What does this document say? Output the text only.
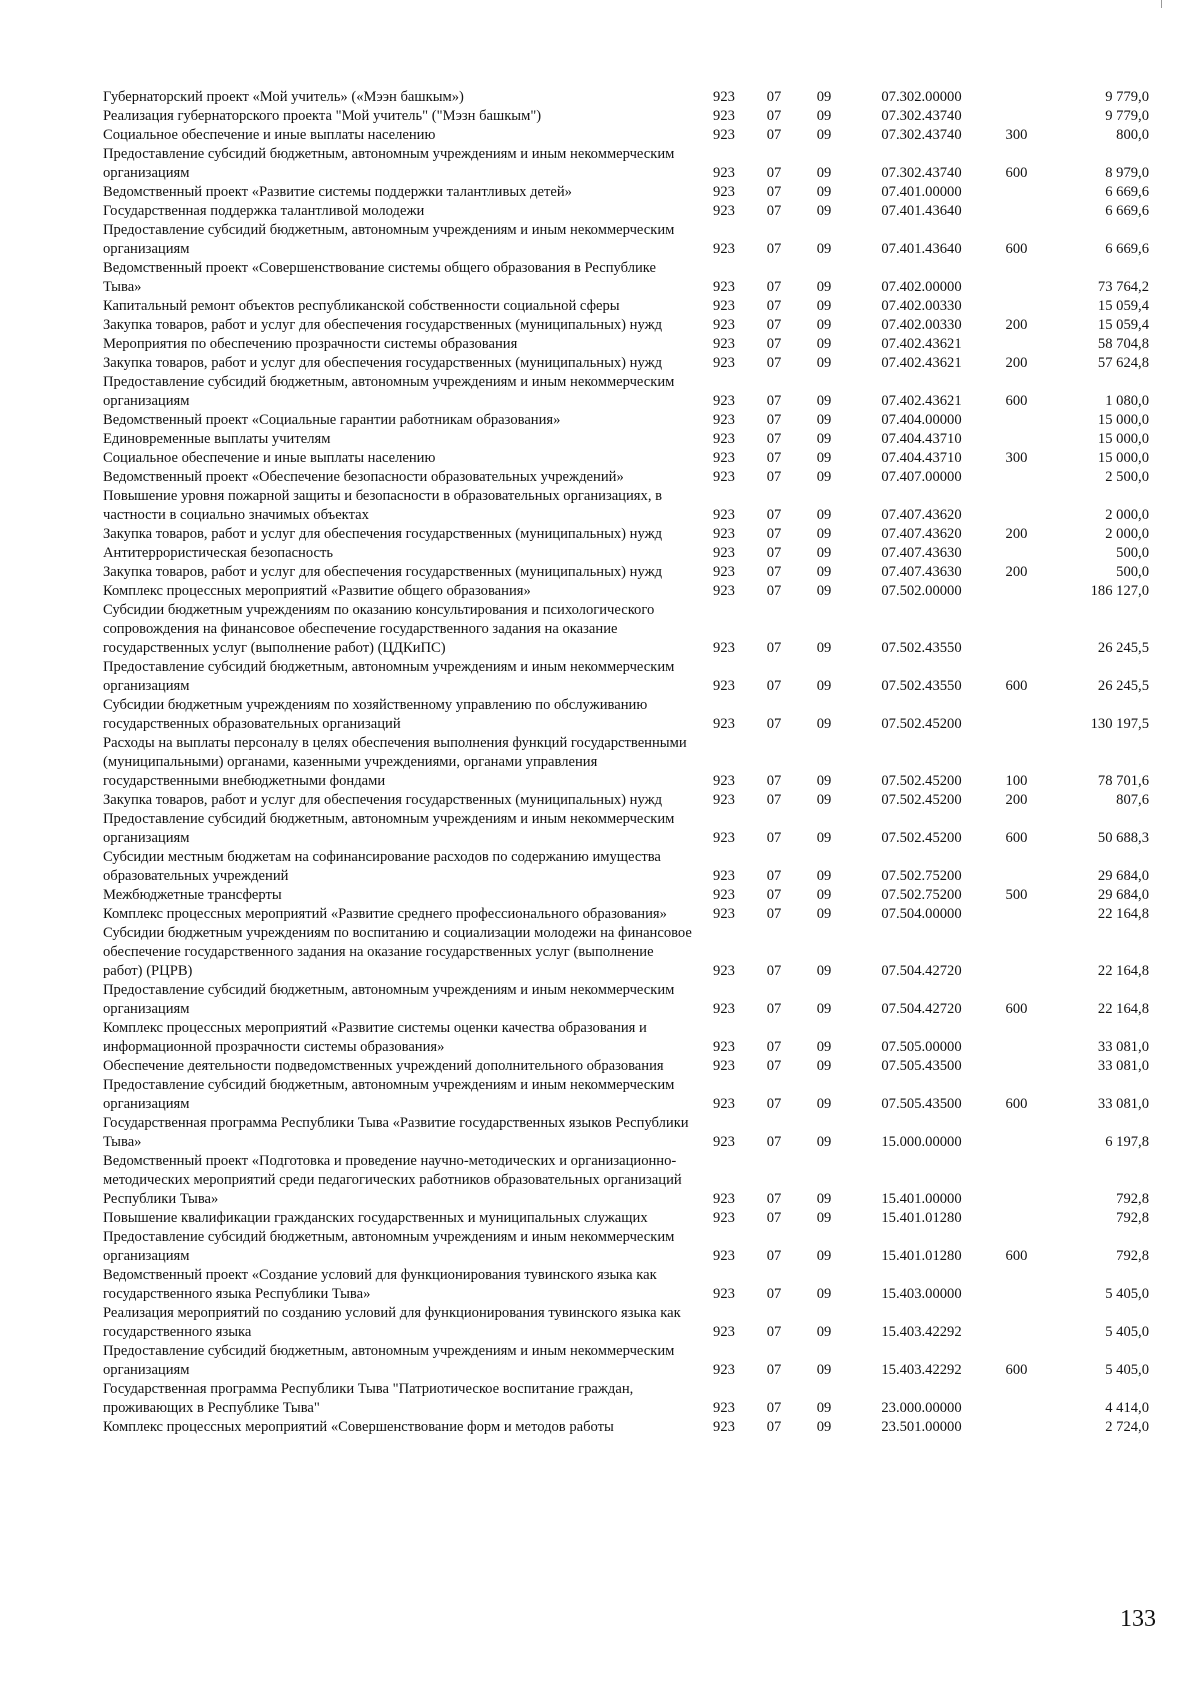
Губернаторский проект «Мой учитель» («Мээн башкым»)	923	07	09	07.302.00000		9 779,0
Реализация губернаторского проекта "Мой учитель" ("Мэзн башкым")	923	07	09	07.302.43740		9 779,0
Социальное обеспечение и иные выплаты населению	923	07	09	07.302.43740	300	800,0
Предоставление субсидий бюджетным, автономным учреждениям и иным некоммерческим организациям	923	07	09	07.302.43740	600	8 979,0
Ведомственный проект «Развитие системы поддержки талантливых детей»	923	07	09	07.401.00000		6 669,6
Государственная поддержка талантливой молодежи	923	07	09	07.401.43640		6 669,6
Предоставление субсидий бюджетным, автономным учреждениям и иным некоммерческим организациям	923	07	09	07.401.43640	600	6 669,6
Ведомственный проект «Совершенствование системы общего образования в Республике Тыва»	923	07	09	07.402.00000		73 764,2
Капитальный ремонт объектов республиканской собственности социальной сферы	923	07	09	07.402.00330		15 059,4
Закупка товаров, работ и услуг для обеспечения государственных (муниципальных) нужд	923	07	09	07.402.00330	200	15 059,4
Мероприятия по обеспечению прозрачности системы образования	923	07	09	07.402.43621		58 704,8
Закупка товаров, работ и услуг для обеспечения государственных (муниципальных) нужд	923	07	09	07.402.43621	200	57 624,8
Предоставление субсидий бюджетным, автономным учреждениям и иным некоммерческим организациям	923	07	09	07.402.43621	600	1 080,0
Ведомственный проект «Социальные гарантии работникам образования»	923	07	09	07.404.00000		15 000,0
Единовременные выплаты учителям	923	07	09	07.404.43710		15 000,0
Социальное обеспечение и иные выплаты населению	923	07	09	07.404.43710	300	15 000,0
Ведомственный проект «Обеспечение безопасности образовательных учреждений»	923	07	09	07.407.00000		2 500,0
Повышение уровня пожарной защиты и безопасности в образовательных организациях, в частности в социально значимых объектах	923	07	09	07.407.43620		2 000,0
Закупка товаров, работ и услуг для обеспечения государственных (муниципальных) нужд	923	07	09	07.407.43620	200	2 000,0
Антитеррористическая безопасность	923	07	09	07.407.43630		500,0
Закупка товаров, работ и услуг для обеспечения государственных (муниципальных) нужд	923	07	09	07.407.43630	200	500,0
Комплекс процессных мероприятий «Развитие общего образования»	923	07	09	07.502.00000		186 127,0
Субсидии бюджетным учреждениям по оказанию консультирования и психологического сопровождения на финансовое обеспечение государственного задания на оказание государственных услуг (выполнение работ) (ЦДКиПС)	923	07	09	07.502.43550		26 245,5
Предоставление субсидий бюджетным, автономным учреждениям и иным некоммерческим организациям	923	07	09	07.502.43550	600	26 245,5
Субсидии бюджетным учреждениям по хозяйственному управлению по обслуживанию государственных образовательных организаций	923	07	09	07.502.45200		130 197,5
Расходы на выплаты персоналу в целях обеспечения выполнения функций государственными (муниципальными) органами, казенными учреждениями, органами управления государственными внебюджетными фондами	923	07	09	07.502.45200	100	78 701,6
Закупка товаров, работ и услуг для обеспечения государственных (муниципальных) нужд	923	07	09	07.502.45200	200	807,6
Предоставление субсидий бюджетным, автономным учреждениям и иным некоммерческим организациям	923	07	09	07.502.45200	600	50 688,3
Субсидии местным бюджетам на софинансирование расходов по содержанию имущества образовательных учреждений	923	07	09	07.502.75200		29 684,0
Межбюджетные трансферты	923	07	09	07.502.75200	500	29 684,0
Комплекс процессных мероприятий «Развитие среднего профессионального образования»	923	07	09	07.504.00000		22 164,8
Субсидии бюджетным учреждениям по воспитанию и социализации молодежи на финансовое обеспечение государственного задания на оказание государственных услуг (выполнение работ) (РЦРВ)	923	07	09	07.504.42720		22 164,8
Предоставление субсидий бюджетным, автономным учреждениям и иным некоммерческим организациям	923	07	09	07.504.42720	600	22 164,8
Комплекс процессных мероприятий «Развитие системы оценки качества образования и информационной прозрачности системы образования»	923	07	09	07.505.00000		33 081,0
Обеспечение деятельности подведомственных учреждений дополнительного образования	923	07	09	07.505.43500		33 081,0
Предоставление субсидий бюджетным, автономным учреждениям и иным некоммерческим организациям	923	07	09	07.505.43500	600	33 081,0
Государственная программа Республики Тыва «Развитие государственных языков Республики Тыва»	923	07	09	15.000.00000		6 197,8
Ведомственный проект «Подготовка и проведение научно-методических и организационно-методических мероприятий среди педагогических работников образовательных организаций Республики Тыва»	923	07	09	15.401.00000		792,8
Повышение квалификации гражданских государственных и муниципальных служащих	923	07	09	15.401.01280		792,8
Предоставление субсидий бюджетным, автономным учреждениям и иным некоммерческим организациям	923	07	09	15.401.01280	600	792,8
Ведомственный проект «Создание условий для функционирования тувинского языка как государственного языка Республики Тыва»	923	07	09	15.403.00000		5 405,0
Реализация мероприятий по созданию условий для функционирования тувинского языка как государственного языка	923	07	09	15.403.42292		5 405,0
Предоставление субсидий бюджетным, автономным учреждениям и иным некоммерческим организациям	923	07	09	15.403.42292	600	5 405,0
Государственная программа Республики Тыва "Патриотическое воспитание граждан, проживающих в Республике Тыва"	923	07	09	23.000.00000		4 414,0
Комплекс процессных мероприятий «Совершенствование форм и методов работы	923	07	09	23.501.00000		2 724,0
133
